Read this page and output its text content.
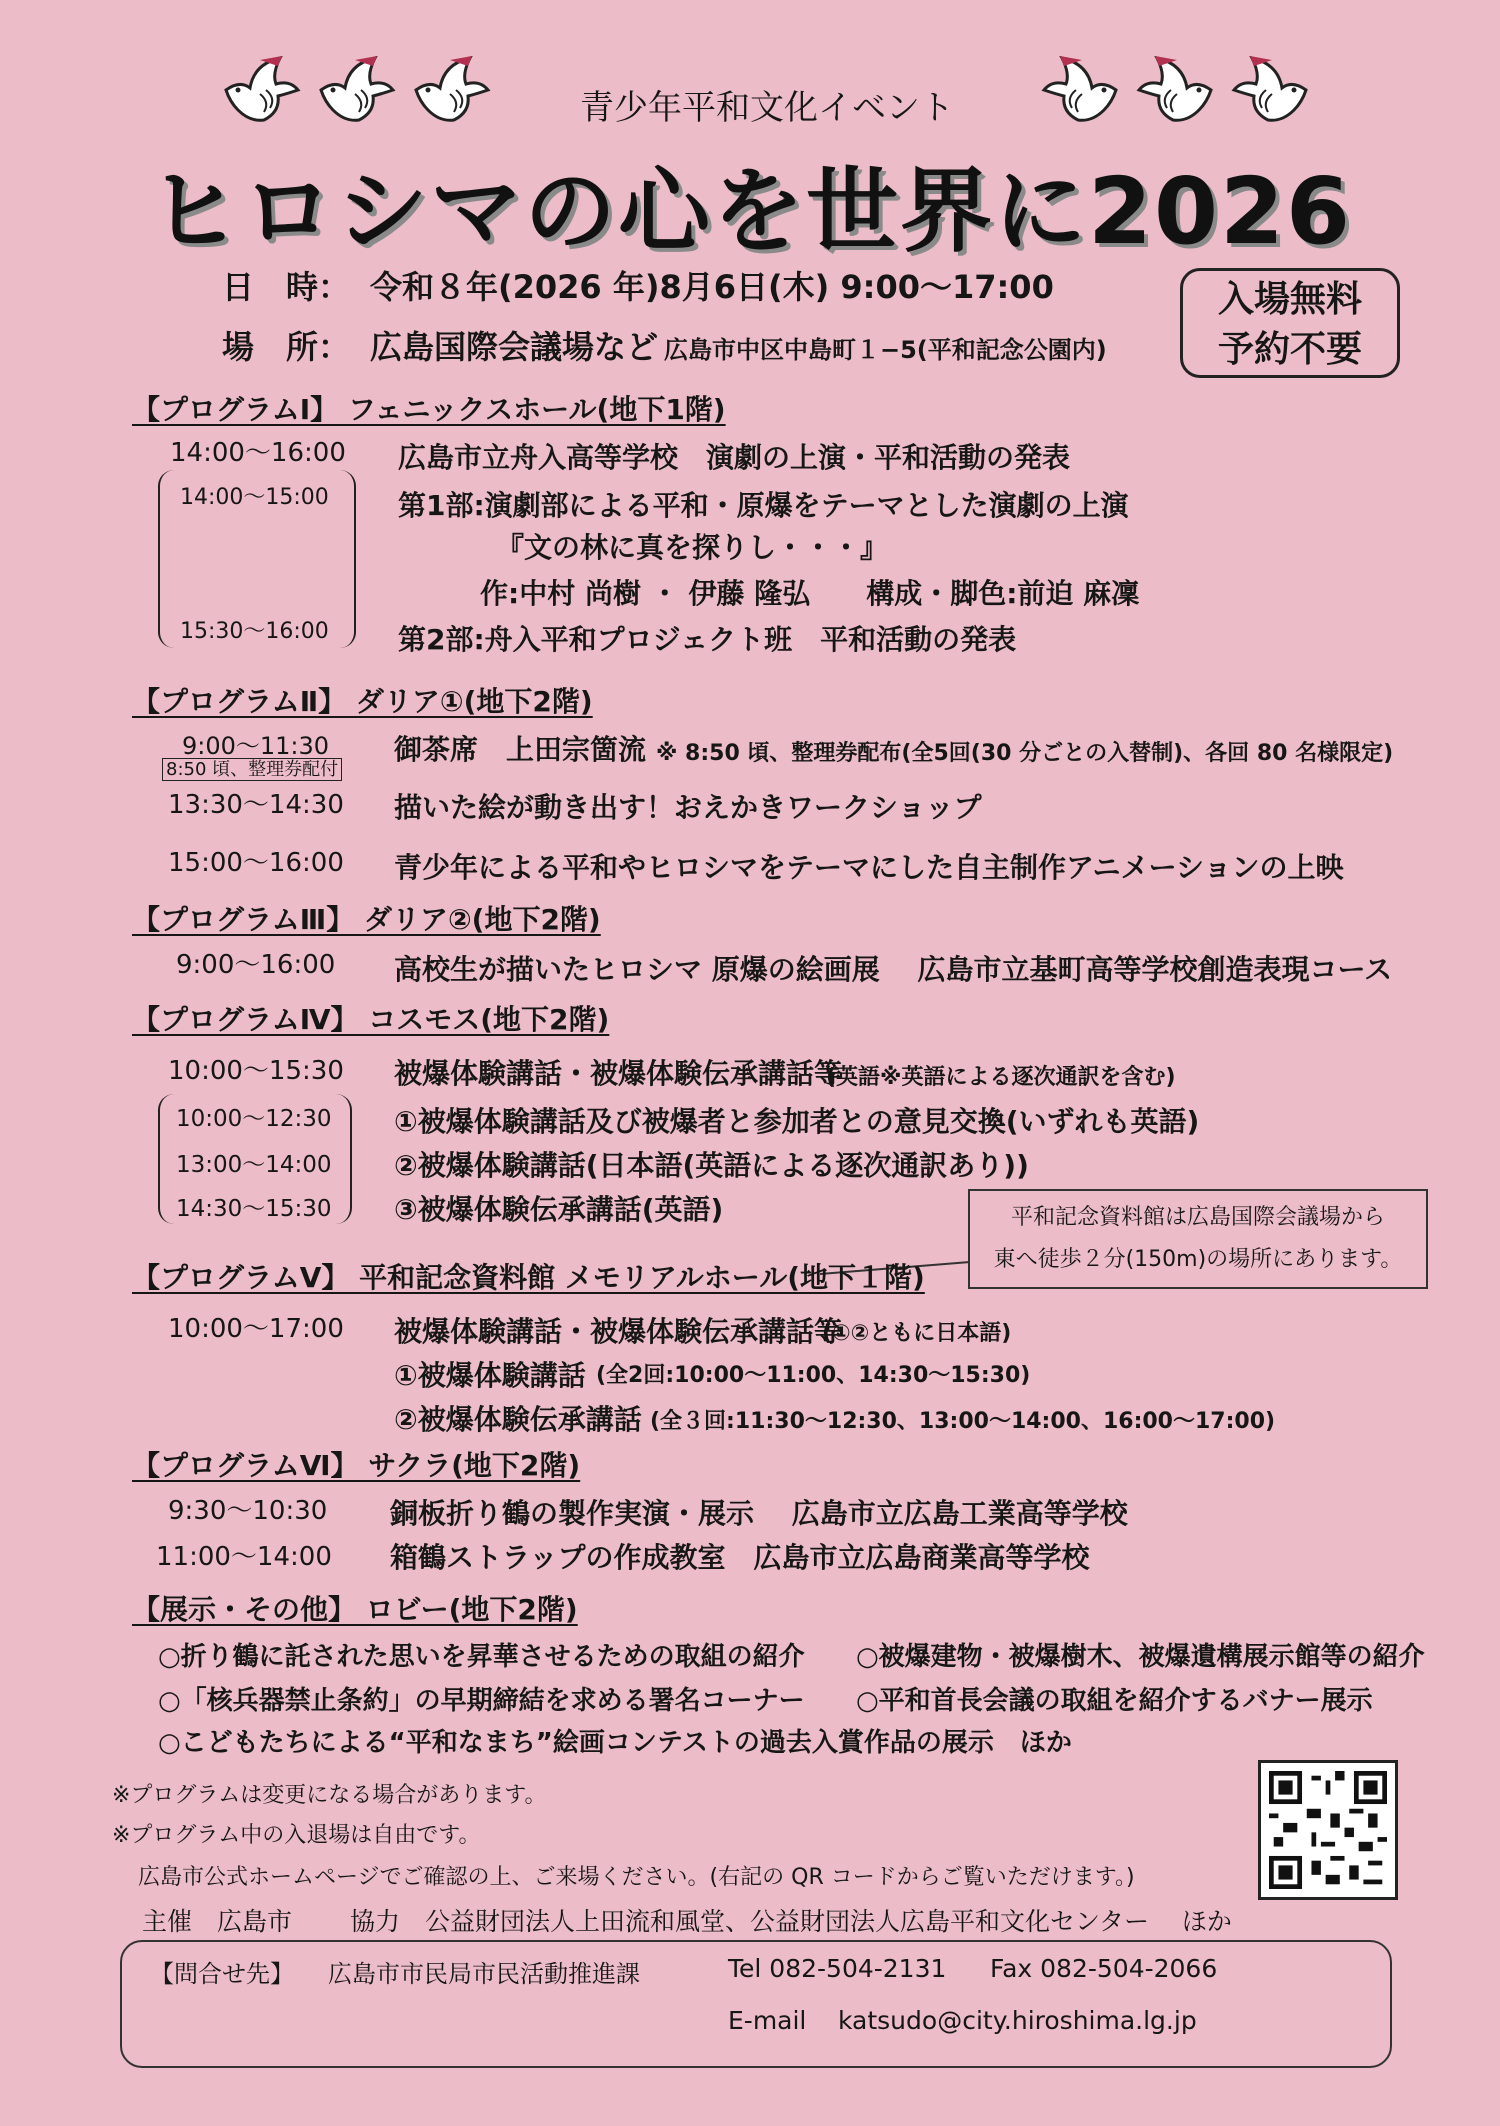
青少年平和文化イベント
ヒロシマの心を世界に2026
日　時： 令和８年(2026 年)8月6日(木) 9:00〜17:00
場　所： 広島国際会議場など 広島市中区中島町１−5(平和記念公園内)
入場無料
予約不要
【プログラムⅠ】 フェニックスホール(地下1階)
14:00〜16:00 広島市立舟入高等学校　演劇の上演・平和活動の発表
14:00〜15:00 第1部:演劇部による平和・原爆をテーマとした演劇の上演
『文の林に真を探りし・・・』
作:中村 尚樹 ・ 伊藤 隆弘　　構成・脚色:前迫 麻凜
15:30〜16:00 第2部:舟入平和プロジェクト班　平和活動の発表
【プログラムⅡ】 ダリア①(地下2階)
9:00〜11:30
8:50 頃、整理券配付
御茶席　上田宗箇流 ※ 8:50 頃、整理券配布(全5回(30 分ごとの入替制)、各回 80 名様限定)
13:30〜14:30 描いた絵が動き出す！おえかきワークショップ
15:00〜16:00 青少年による平和やヒロシマをテーマにした自主制作アニメーションの上映
【プログラムⅢ】 ダリア②(地下2階)
9:00〜16:00 高校生が描いたヒロシマ 原爆の絵画展　 広島市立基町高等学校創造表現コース
【プログラムⅣ】 コスモス(地下2階)
10:00〜15:30 被爆体験講話・被爆体験伝承講話等
(英語※英語による逐次通訳を含む)
10:00〜12:30 ①被爆体験講話及び被爆者と参加者との意見交換(いずれも英語)
13:00〜14:00 ②被爆体験講話(日本語(英語による逐次通訳あり))
14:30〜15:30 ③被爆体験伝承講話(英語)	平和記念資料館は広島国際会議場から
東へ徒歩２分(150m)の場所にあります。
【プログラムⅤ】 平和記念資料館 メモリアルホール(地下１階)
10:00〜17:00 被爆体験講話・被爆体験伝承講話等
(①②ともに日本語)
①被爆体験講話 (全2回:10:00〜11:00、14:30〜15:30)
②被爆体験伝承講話 (全３回:11:30〜12:30、13:00〜14:00、16:00〜17:00)
【プログラムⅥ】 サクラ(地下2階)
9:30〜10:30 銅板折り鶴の製作実演・展示　 広島市立広島工業高等学校
11:00〜14:00 箱鶴ストラップの作成教室　広島市立広島商業高等学校
【展示・その他】 ロビー(地下2階)
○折り鶴に託された思いを昇華させるための取組の紹介 ○被爆建物・被爆樹木、被爆遺構展示館等の紹介
○「核兵器禁止条約」の早期締結を求める署名コーナー ○平和首長会議の取組を紹介するバナー展示
○こどもたちによる“平和なまち”絵画コンテストの過去入賞作品の展示　ほか
※プログラムは変更になる場合があります。
※プログラム中の入退場は自由です。
広島市公式ホームページでご確認の上、ご来場ください。(右記の QR コードからご覧いただけます。)
主催　広島市　　 協力　公益財団法人上田流和風堂、公益財団法人広島平和文化センター　 ほか
【問合せ先】 広島市市民局市民活動推進課	Tel 082-504-2131 Fax 082-504-2066
E-mail katsudo@city.hiroshima.lg.jp
